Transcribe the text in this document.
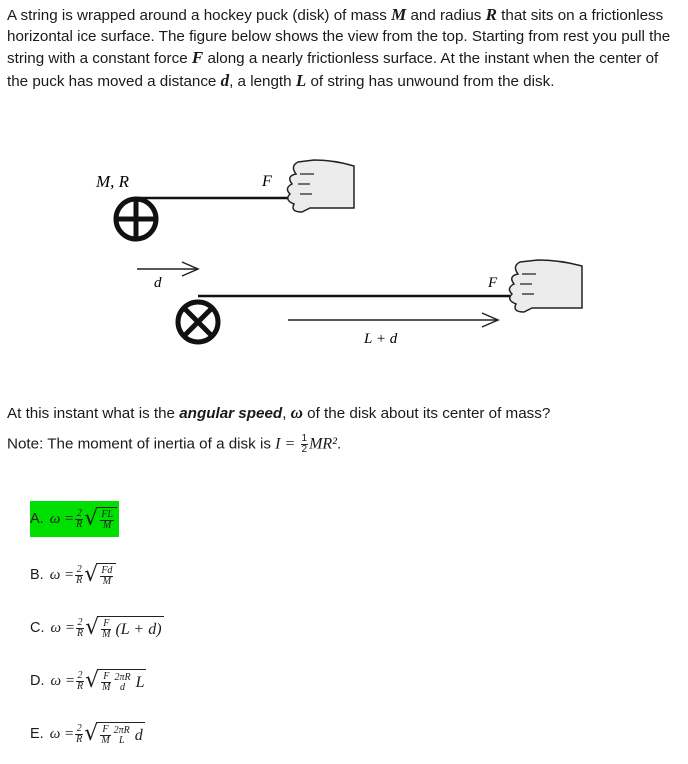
A string is wrapped around a hockey puck (disk) of mass M and radius R that sits on a frictionless horizontal ice surface. The figure below shows the view from the top. Starting from rest you pull the string with a constant force F along a nearly frictionless surface. At the instant when the center of the puck has moved a distance d, a length L of string has unwound from the disk.

M, R	F
d	F
L + d

At this instant what is the angular speed, ω of the disk about its center of mass?

Note: The moment of inertia of a disk is $I = \frac{1}{2} MR^2$.

A. $\omega = \frac{2}{R}$ √ $\frac{FL}{M}$
B. $\omega = \frac{2}{R}$ √ $\frac{Fd}{M}$
C. $\omega = \frac{2}{R}$ √ $\frac{F}{M} (L + d)$
D. $\omega = \frac{2}{R}$ √ $\frac{F}{M} 2\pi R$
d L
E. $\omega = \frac{2}{R}$ √ $\frac{F}{M} 2\pi R$
L d
